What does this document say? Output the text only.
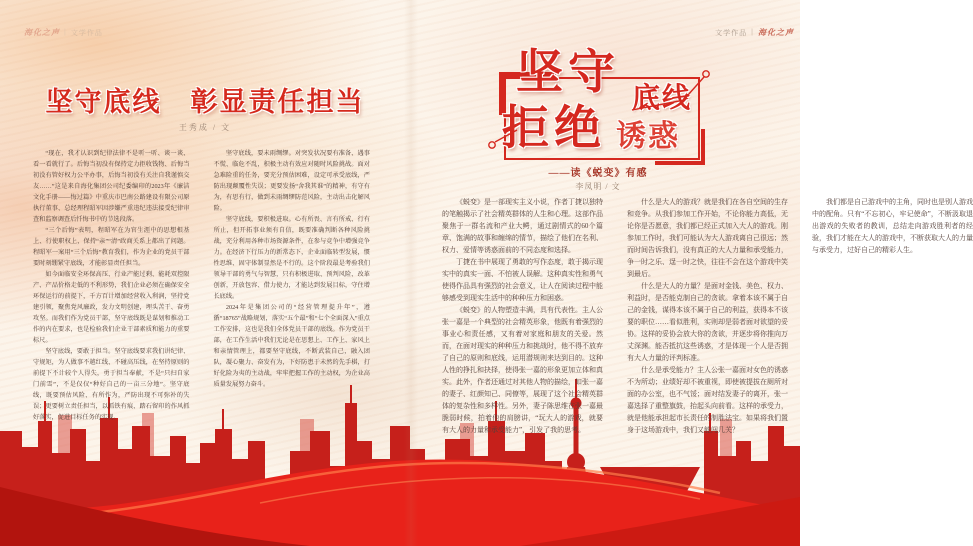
海化之声 | 文学作品	文学作品 | 海化之声
坚守底线　彰显责任担当
王秀成 / 文

“现在，我才认识到纪律法律不是听一听、谈一谈、看一看就行了。后悔当初没有保持定力拒收钱物、后悔当初没有管好权力公平办事，后悔当初没有关注自我谨慎交友……”这是来自海化集团公司纪委编印的2023年《廉洁文化手册——悔过篇》中重庆市巴南公路建设有限公司原执行董事、总经理程昭军因涉嫌严重违纪违法接受纪律审查和监察调查后忏悔书中的节选段落。

“三个后悔”表明，程昭军在为官生涯中的思想根基上、行使职权上，保持“亲”“清”政商关系上都出了问题。程昭军一案用“三个后悔”教育我们，作为企业的党员干部要时刻绷紧守底线，才能彰显责任担当。

如今面临安全环保高压、行业产能过剩、能耗双控限产、产品价格走低的不利形势，我们企业必须在确保安全环保运行的前提下，千方百计增加经营收入利润，坚持党建引领，聚焦党风廉政，发力文明创建，埋头苦干、奋勇攻坚。而我们作为党员干部，坚守底线既是谋划和推动工作的内在要求，也是检验我们企业干部素质和能力的重要标尺。

坚守底线，要敢于担当。坚守底线要求我们讲纪律、守规矩，为人做事不越红线、不碰高压线，在坚持原则的前提下不计较个人得失，勇于担当奉献，不是“只扫自家门前雪”，不是仅仅“种好自己的一亩三分地”。坚守底线，既要预估风险、有所作为，严防出现不可弥补的失误；更要树立责任担当，以抓铁有痕、踏石留印的作风抓好落实，促进目标任务的实现。

坚守底线，要未雨绸缪。对突发状况要有准备、遇事不慌、临危不乱，积极主动有效应对随时风险挑战。面对急难险重的任务，要充分预估困难，设定可承受底线，严防出现颠覆性失误；更要发扬“舍我其谁”的精神，有守有为，有思有行，做到未雨绸缪防范风险，主动出击化解风险。

坚守底线，要积极进取。心有所畏、言有所戒、行有所止，但开拓事业须有自信，既要准确判断各种风险挑战，充分利用各种市场资源条件，在参与竞争中增强竞争力。在经济下行压力的新常态下，企业面临转型发展，惯性思维、固守体制显然是不行的。这个阶段最是考验我们领导干部的勇气与智慧，只有积极进取、预判风险、改革创新，开放包容、借力使力，才能达到发展目标，守住增长底线。

2024年是集团公司的“经营管理提升年”，遵循“18765”战略规划，落实“五个最”和“七个全面深入”重点工作安排，这也是我们全体党员干部的底线。作为党员干部，在工作生活中我们无论是在思想上、工作上、家风上和亲情管理上，都要坚守底线，不断武装自己，融入团队，凝心聚力、奋发有为，下好防患于未然的先手棋，打好化险为夷的主动战，牢牢把握工作的主动权，为企业高质量发展努力奋斗。

坚守 底线
拒绝 诱惑
——读《蜕变》有感
李凤明 / 文

《蜕变》是一部现实主义小说，作者丁捷以独特的笔触揭示了社会精英群体的人生和心理。这部作品聚焦于一群名流和产业大鳄，通过剧情式的60个篇章、饱满的故事和缠绵的情节，描绘了他们在名利、权力、爱情等诱惑面前的不同态度和选择。

丁捷在书中展现了勇敢的写作态度，敢于揭示现实中的真实一面、不怕被人误解。这种真实性和勇气使得作品具有强烈的社会意义，让人在阅读过程中能够感受到现实生活中的种种压力和困惑。

《蜕变》的人物塑造丰满，具有代表性。主人公张一嘉是一个典型的社会精英形象，他既有着强烈的事业心和责任感，又有着对家庭和朋友的关爱。然而，在面对现实的种种压力和挑战时，他不得不放弃了自己的原则和底线，运用潜规则来达到目的。这种人性的挣扎和抉择，使得张一嘉的形象更加立体和真实。此外，作者还通过对其他人物的描绘，如张一嘉的妻子、红颜知己、同僚等，展现了这个社会精英群体的复杂性和多样性。另外，妻子陈思维在张一嘉最脆弱时候，拍着他的肩膀讲，“玩大人的游戏，就要有大人的力量和承受能力”，引发了我的思考。

什么是大人的游戏？就是我们在各自空间的生存和竞争。从我们参加工作开始，不论你能力高低，无论你是否愿意，我们都已经正式加入大人的游戏。刚参加工作时，我们可能认为大人游戏离自己很远；然而时间告诉我们，没有真正的大人力量和承受能力，争一时之乐、逞一时之快，往往不会在这个游戏中笑到最后。

什么是大人的力量？是面对金钱、美色、权力、利益时，是否能克制自己的贪欲。拿着本该不属于自己的金钱，谋得本该不属于自己的利益，获得本不该要的职位……看似胜利，实则却是弱者面对欲望的妥协。这样的妥协会放大你的贪欲，并逐步将你推向万丈深渊。能否抵抗这些诱惑，才是体现一个人是否拥有大人力量的评判标准。

什么是承受能力？主人公张一嘉面对女色的诱惑不为所动；业绩好却不被重视，即使被提拔在厕所对面的办公室，也不气馁；面对结发妻子的离开，张一嘉选择了重整旗鼓，抬起头向前看。这样的承受力，就是他能承担起市长责任的制胜法宝。如果将我们置身于这场游戏中，我们又能闯几关？

我们都是自己游戏中的主角，同时也是别人游戏中的配角。只有“不忘初心，牢记使命”，不断汲取退出游戏的失败者的教训，总结走向游戏胜利者的经验，我们才能在大人的游戏中，不断获取大人的力量与承受力，过好自己的精彩人生。
